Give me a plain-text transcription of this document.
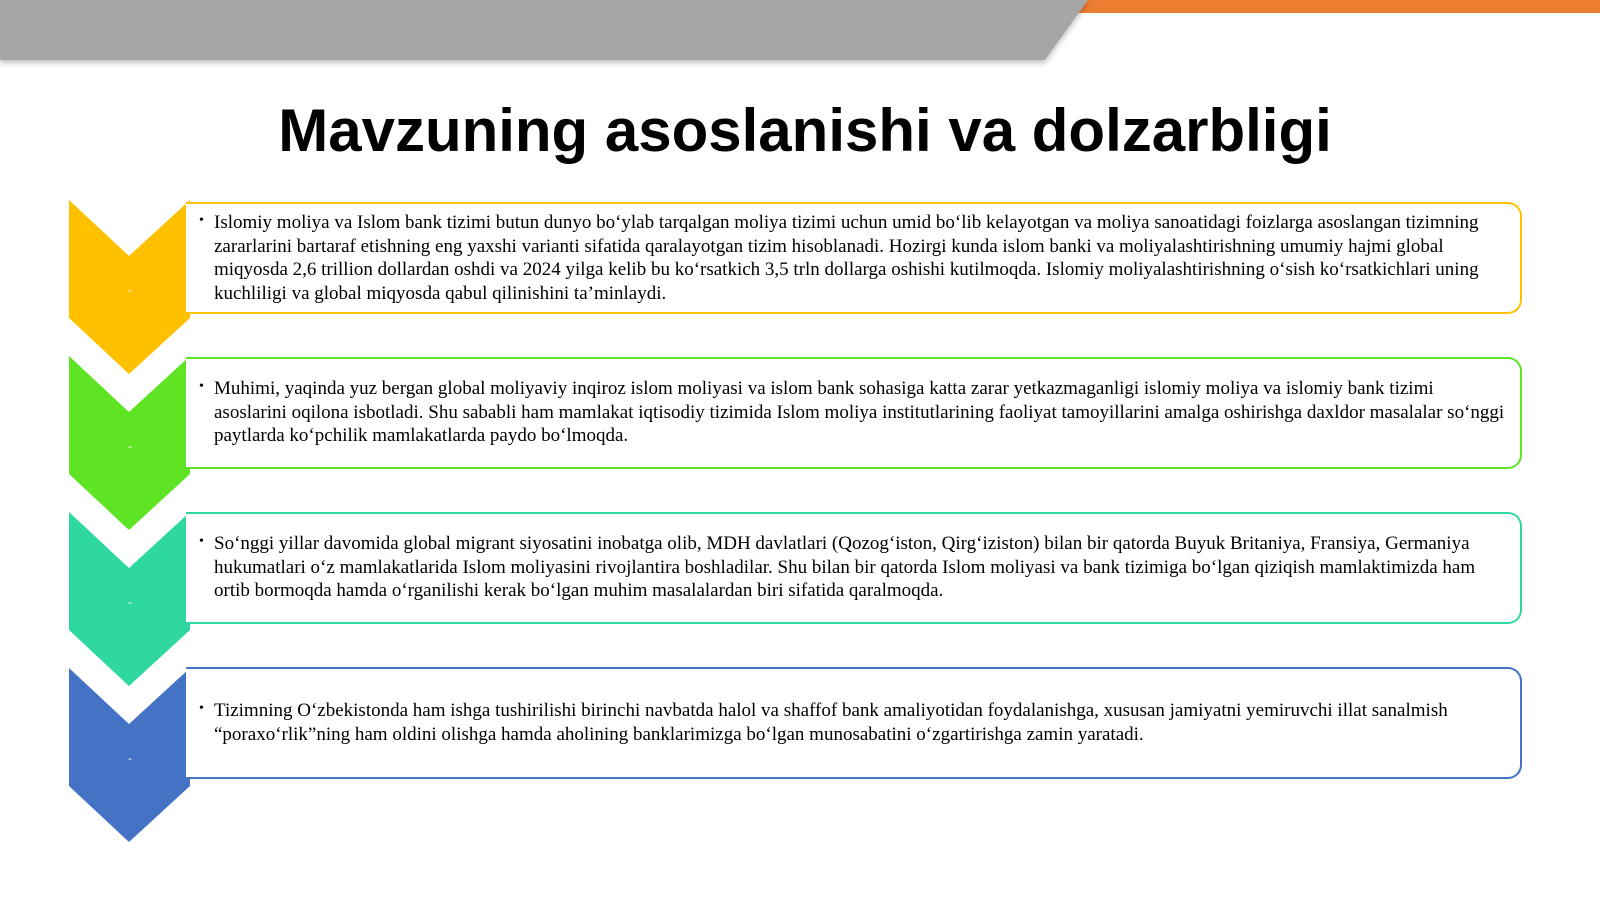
Mavzuning asoslanishi va dolzarbligi
-
-
-
-
• Islomiy moliya va Islom bank tizimi butun dunyo bo‘ylab tarqalgan moliya tizimi uchun umid bo‘lib kelayotgan va moliya sanoatidagi foizlarga asoslangan tizimning zararlarini bartaraf etishning eng yaxshi varianti sifatida qaralayotgan tizim hisoblanadi. Hozirgi kunda islom banki va moliyalashtirishning umumiy hajmi global miqyosda 2,6 trillion dollardan oshdi va 2024 yilga kelib bu ko‘rsatkich 3,5 trln dollarga oshishi kutilmoqda. Islomiy moliyalashtirishning o‘sish ko‘rsatkichlari uning kuchliligi va global miqyosda qabul qilinishini ta’minlaydi.
• Muhimi, yaqinda yuz bergan global moliyaviy inqiroz islom moliyasi va islom bank sohasiga katta zarar yetkazmaganligi islomiy moliya va islomiy bank tizimi asoslarini oqilona isbotladi. Shu sababli ham mamlakat iqtisodiy tizimida Islom moliya institutlarining faoliyat tamoyillarini amalga oshirishga daxldor masalalar so‘nggi paytlarda ko‘pchilik mamlakatlarda paydo bo‘lmoqda.
• So‘nggi yillar davomida global migrant siyosatini inobatga olib, MDH davlatlari (Qozog‘iston, Qirg‘iziston) bilan bir qatorda Buyuk Britaniya, Fransiya, Germaniya hukumatlari o‘z mamlakatlarida Islom moliyasini rivojlantira boshladilar. Shu bilan bir qatorda Islom moliyasi va bank tizimiga bo‘lgan qiziqish mamlaktimizda ham ortib bormoqda hamda o‘rganilishi kerak bo‘lgan muhim masalalardan biri sifatida qaralmoqda.
• Tizimning O‘zbekistonda ham ishga tushirilishi birinchi navbatda halol va shaffof bank amaliyotidan foydalanishga, xususan jamiyatni yemiruvchi illat sanalmish “poraxo‘rlik”ning ham oldini olishga hamda aholining banklarimizga bo‘lgan munosabatini o‘zgartirishga zamin yaratadi.
